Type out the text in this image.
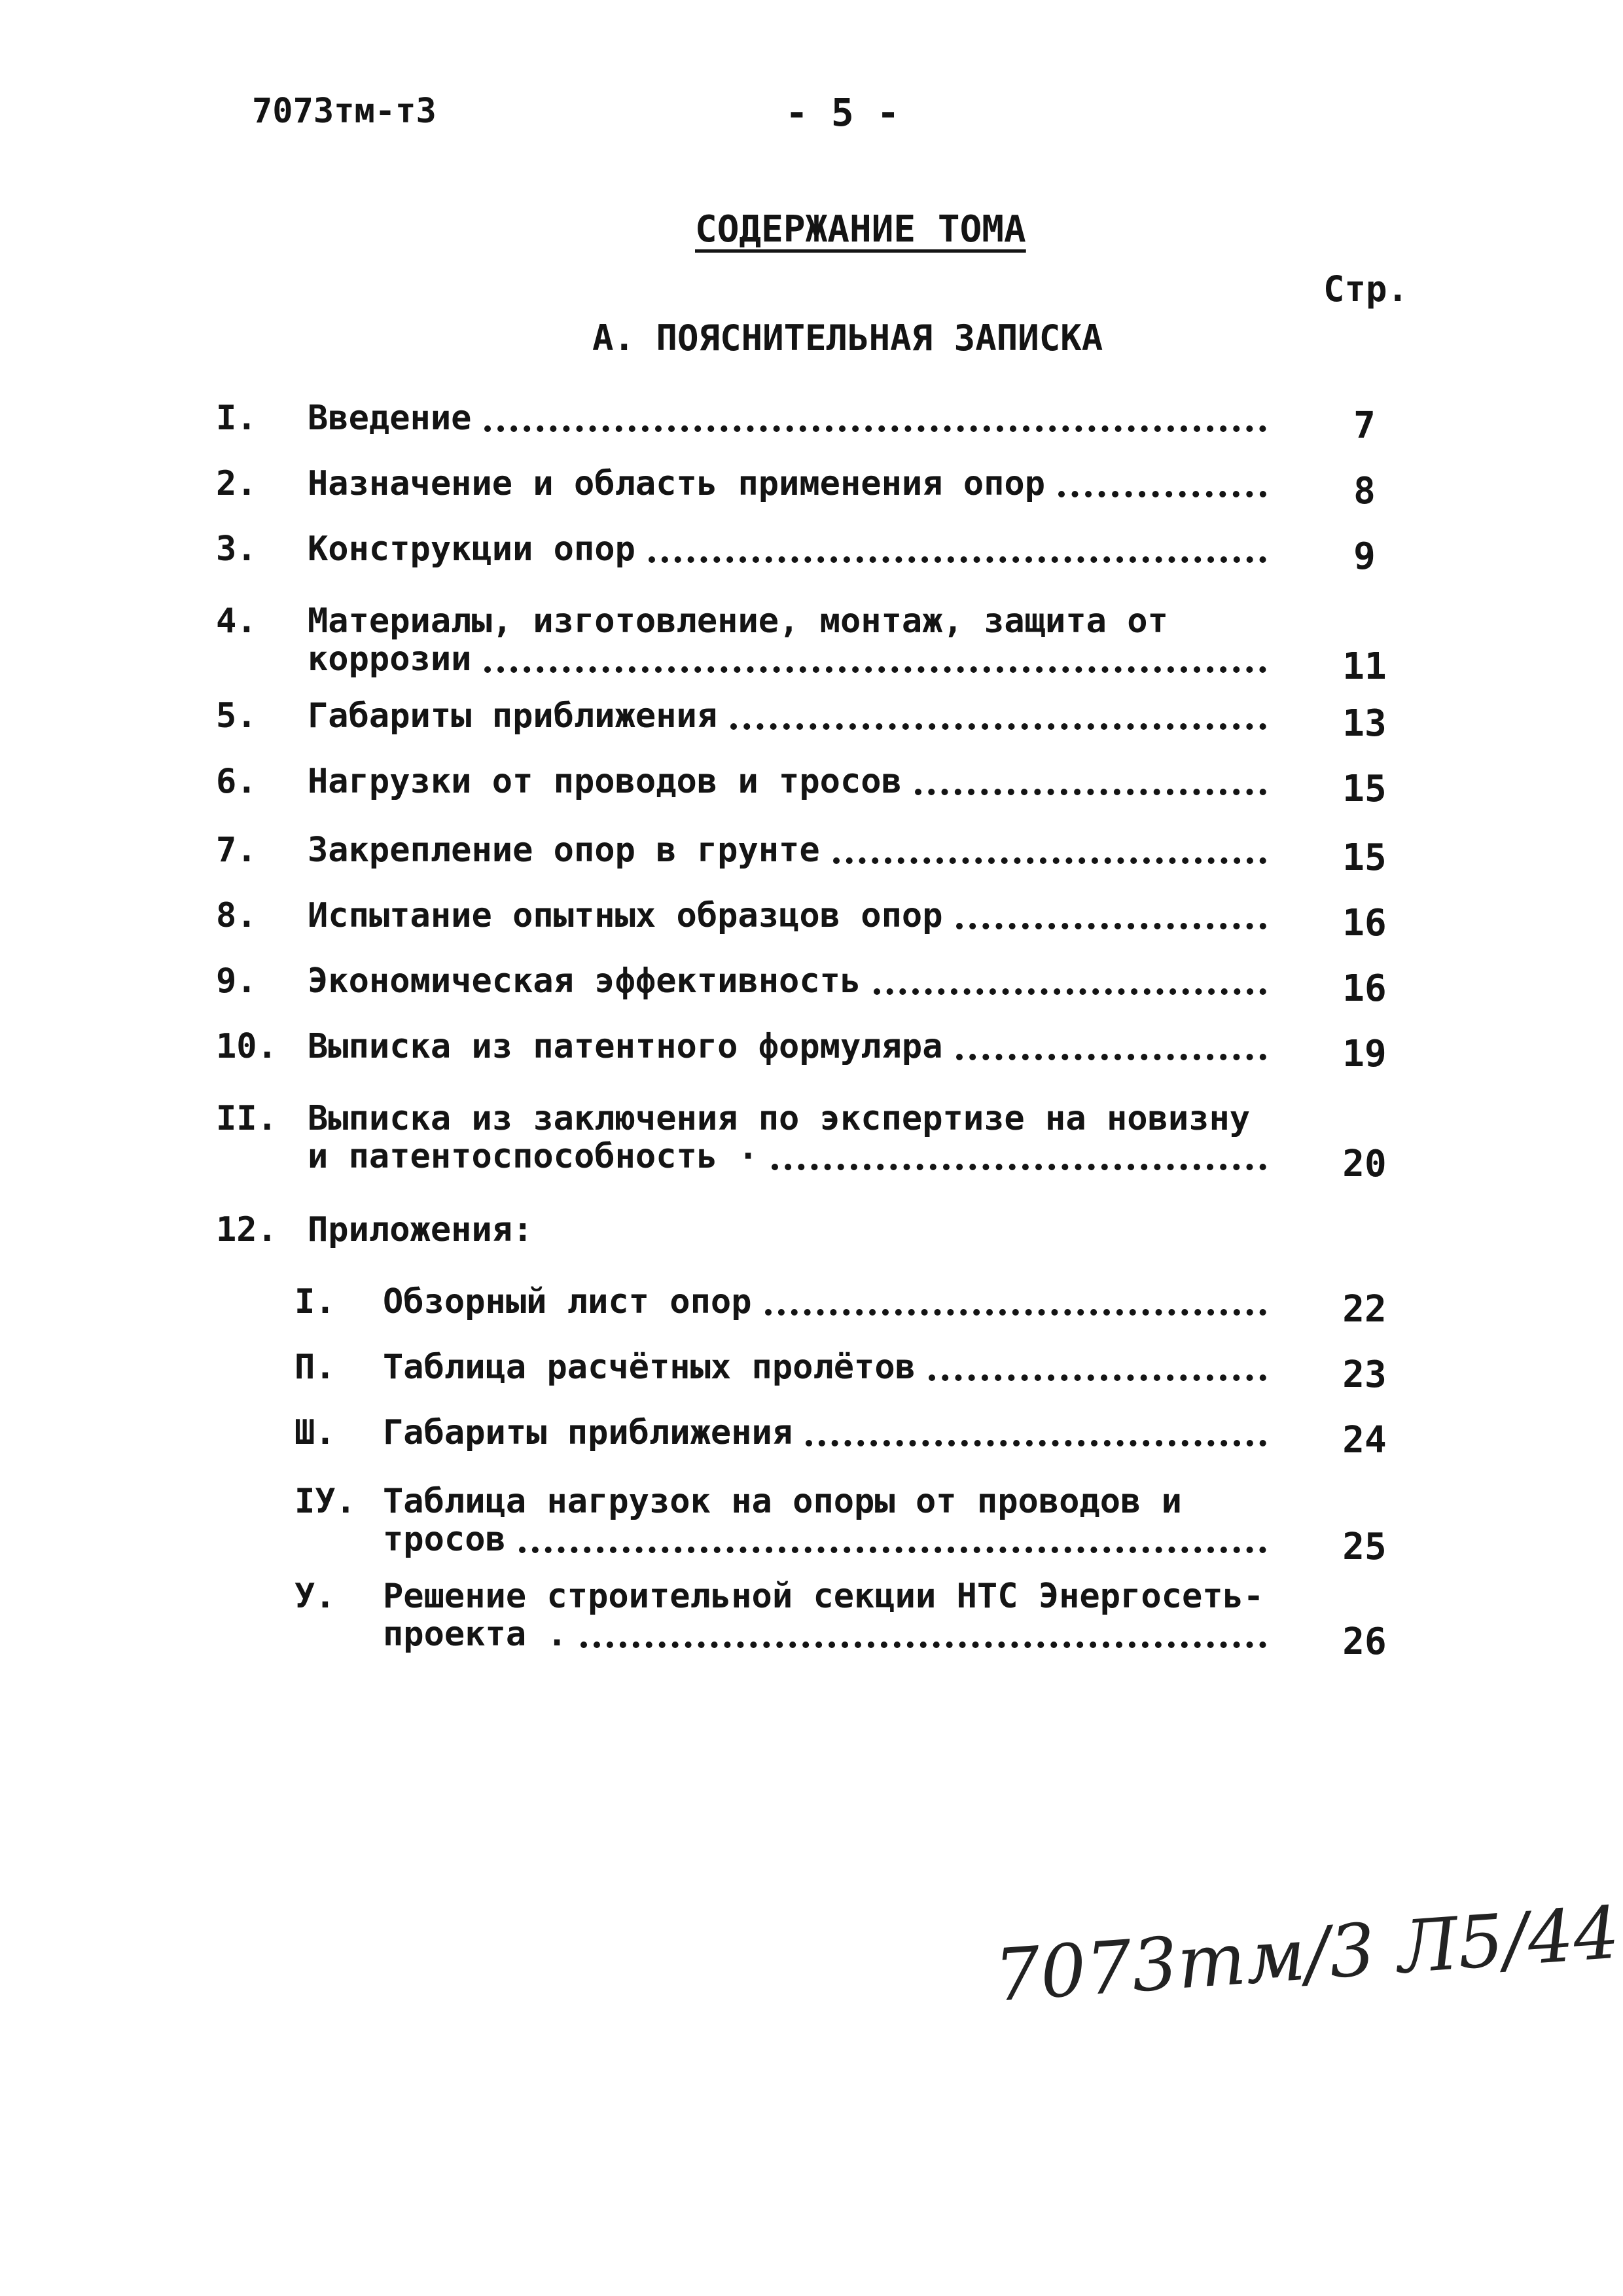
7073тм-т3	- 5 -
СОДЕРЖАНИЕ ТОМА
Стр.
А. ПОЯСНИТЕЛЬНАЯ ЗАПИСКА
I. Введение	7
2. Назначение и область применения опор	8
3. Конструкции опор	9
4. Материалы, изготовление, монтаж, защита от
коррозии	11
5. Габариты приближения	13
6. Нагрузки от проводов и тросов	15
7. Закрепление опор в грунте	15
8. Испытание опытных образцов опор	16
9. Экономическая эффективность	16
10. Выписка из патентного формуляра	19
II. Выписка из заключения по экспертизе на новизну
и патентоспособность ·	20
12. Приложения:
I. Обзорный лист опор	22
П. Таблица расчётных пролётов	23
Ш. Габариты приближения	24
IУ. Таблица нагрузок на опоры от проводов и
тросов	25
У. Решение строительной секции НТС Энергосеть-
проекта .	26
7073тм/3 Л5/44
